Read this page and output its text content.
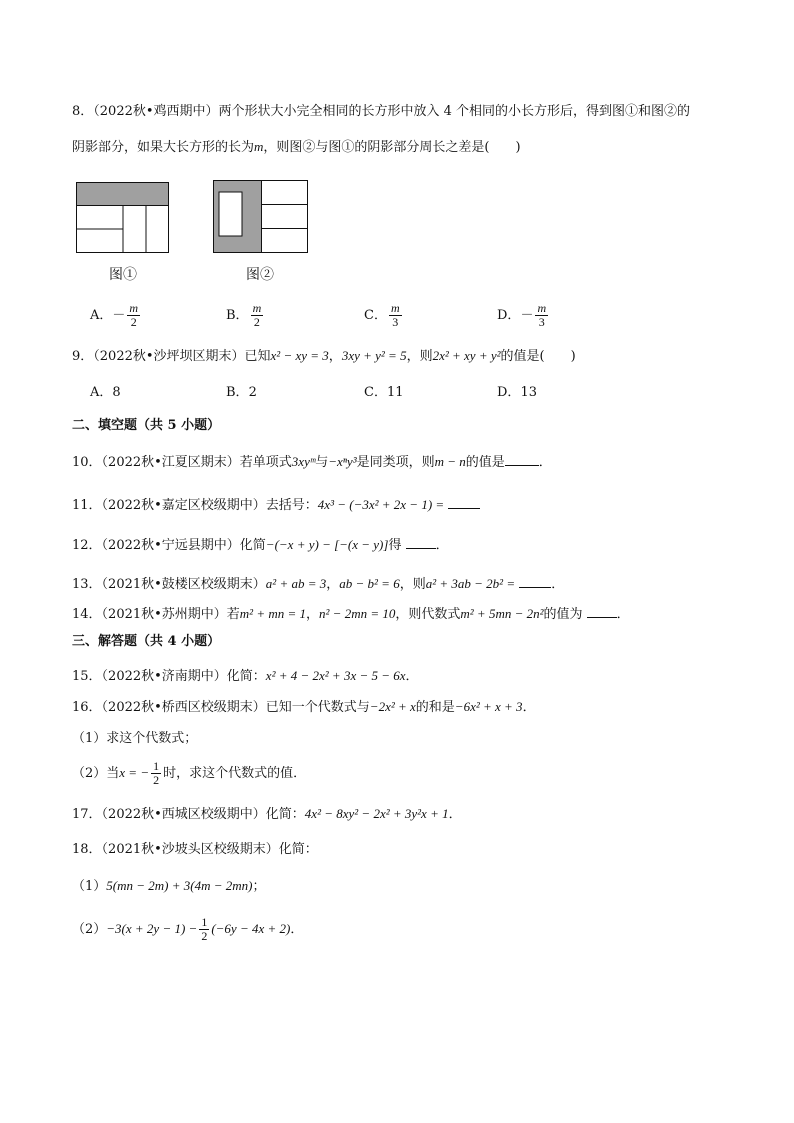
8．（2022秋•鸡西期中）两个形状大小完全相同的长方形中放入 4 个相同的小长方形后，得到图①和图②的
阴影部分，如果大长方形的长为m，则图②与图①的阴影部分周长之差是(　　)
图①	图②
A．－ $\frac{m}{2}$	B． $\frac{m}{2}$	C． $\frac{m}{3}$	D．－ $\frac{m}{3}$
9．（2022秋•沙坪坝区期末）已知x² − xy = 3，3xy + y² = 5，则2x² + xy + y²的值是(　　)
A．8	B．2	C．11	D．13
二、填空题（共 5 小题）
10．（2022秋•江夏区期末）若单项式3xyᵐ与−xⁿy³是同类项，则m − n的值是	．
11．（2022秋•嘉定区校级期中）去括号：4x³ − (−3x² + 2x − 1) =
12．（2022秋•宁远县期中）化简−(−x + y) − [−(x − y)]得	．
13．（2021秋•鼓楼区校级期末）a² + ab = 3，ab − b² = 6，则a² + 3ab − 2b² =	．
14．（2021秋•苏州期中）若m² + mn = 1，n² − 2mn = 10，则代数式m² + 5mn − 2n²的值为	．
三、解答题（共 4 小题）
15．（2022秋•济南期中）化简：x² + 4 − 2x² + 3x − 5 − 6x．
16．（2022秋•桥西区校级期末）已知一个代数式与−2x² + x的和是−6x² + x + 3．
（1）求这个代数式；
（2）当x = − $\frac{1}{2}$ 时，求这个代数式的值．
17．（2022秋•西城区校级期中）化简：4x² − 8xy² − 2x² + 3y²x + 1．
18．（2021秋•沙坡头区校级期末）化简：
（1）5(mn − 2m) + 3(4m − 2mn)；
$(2)-3(x + 2y - 1) - \frac{1}{2} (-6y - 4x + 2)$．
